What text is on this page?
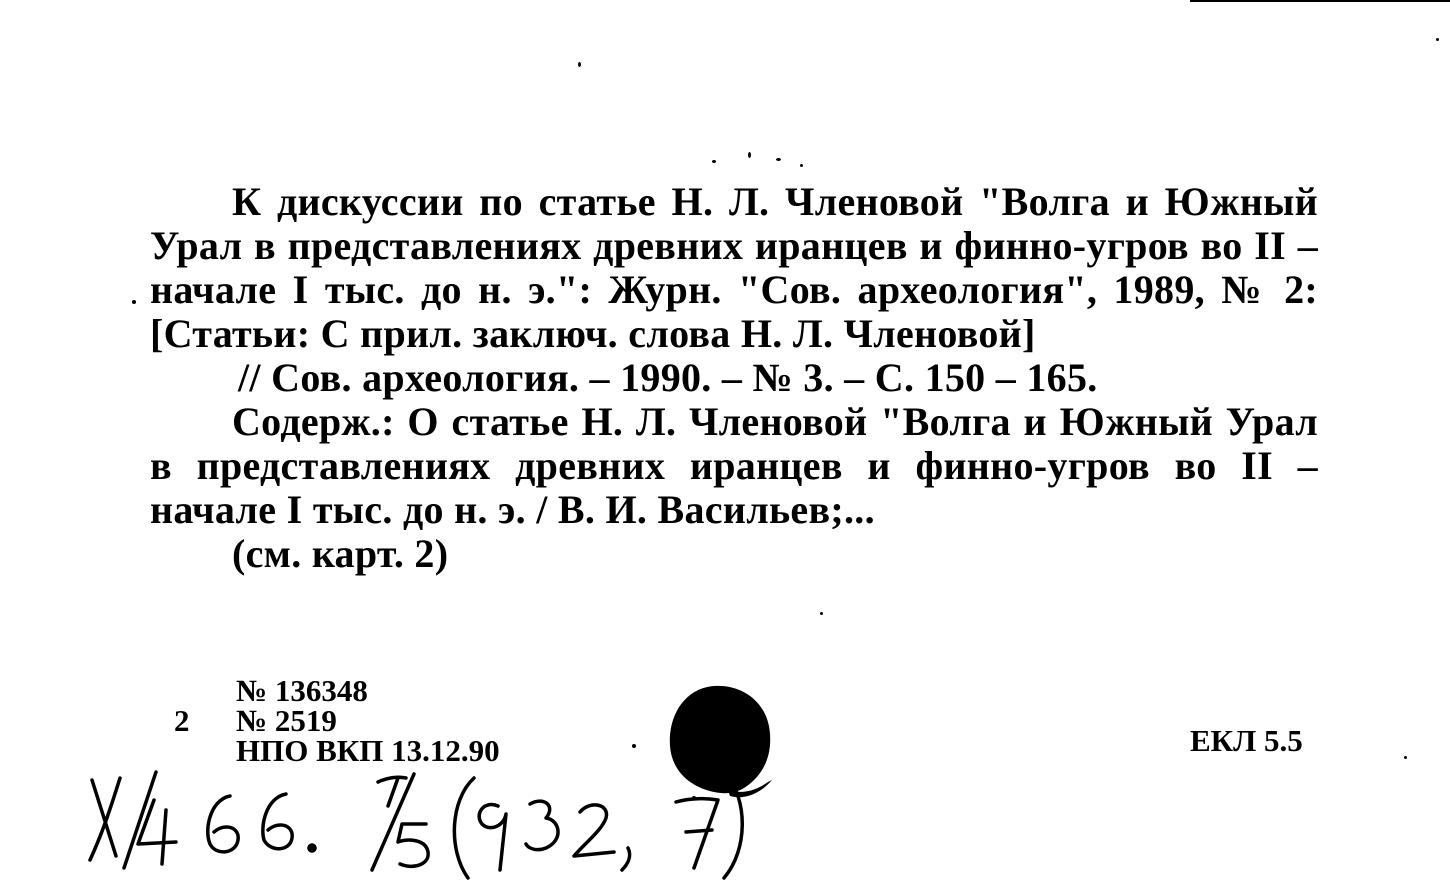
К дискуссии по статье Н. Л. Членовой "Волга и Южный Урал в представлениях древних иранцев и финно-угров во II – начале I тыс. до н. э.": Журн. "Сов. археология", 1989, № 2: [Статьи: С прил. заключ. слова Н. Л. Членовой]

// Сов. археология. – 1990. – № 3. – С. 150 – 165.

Содерж.: О статье Н. Л. Членовой "Волга и Южный Урал в представлениях древних иранцев и финно-угров во II – начале I тыс. до н. э. / В. И. Васильев;...

(см. карт. 2)

2
№ 136348
№ 2519
НПО ВКП 13.12.90	ЕКЛ 5.5
